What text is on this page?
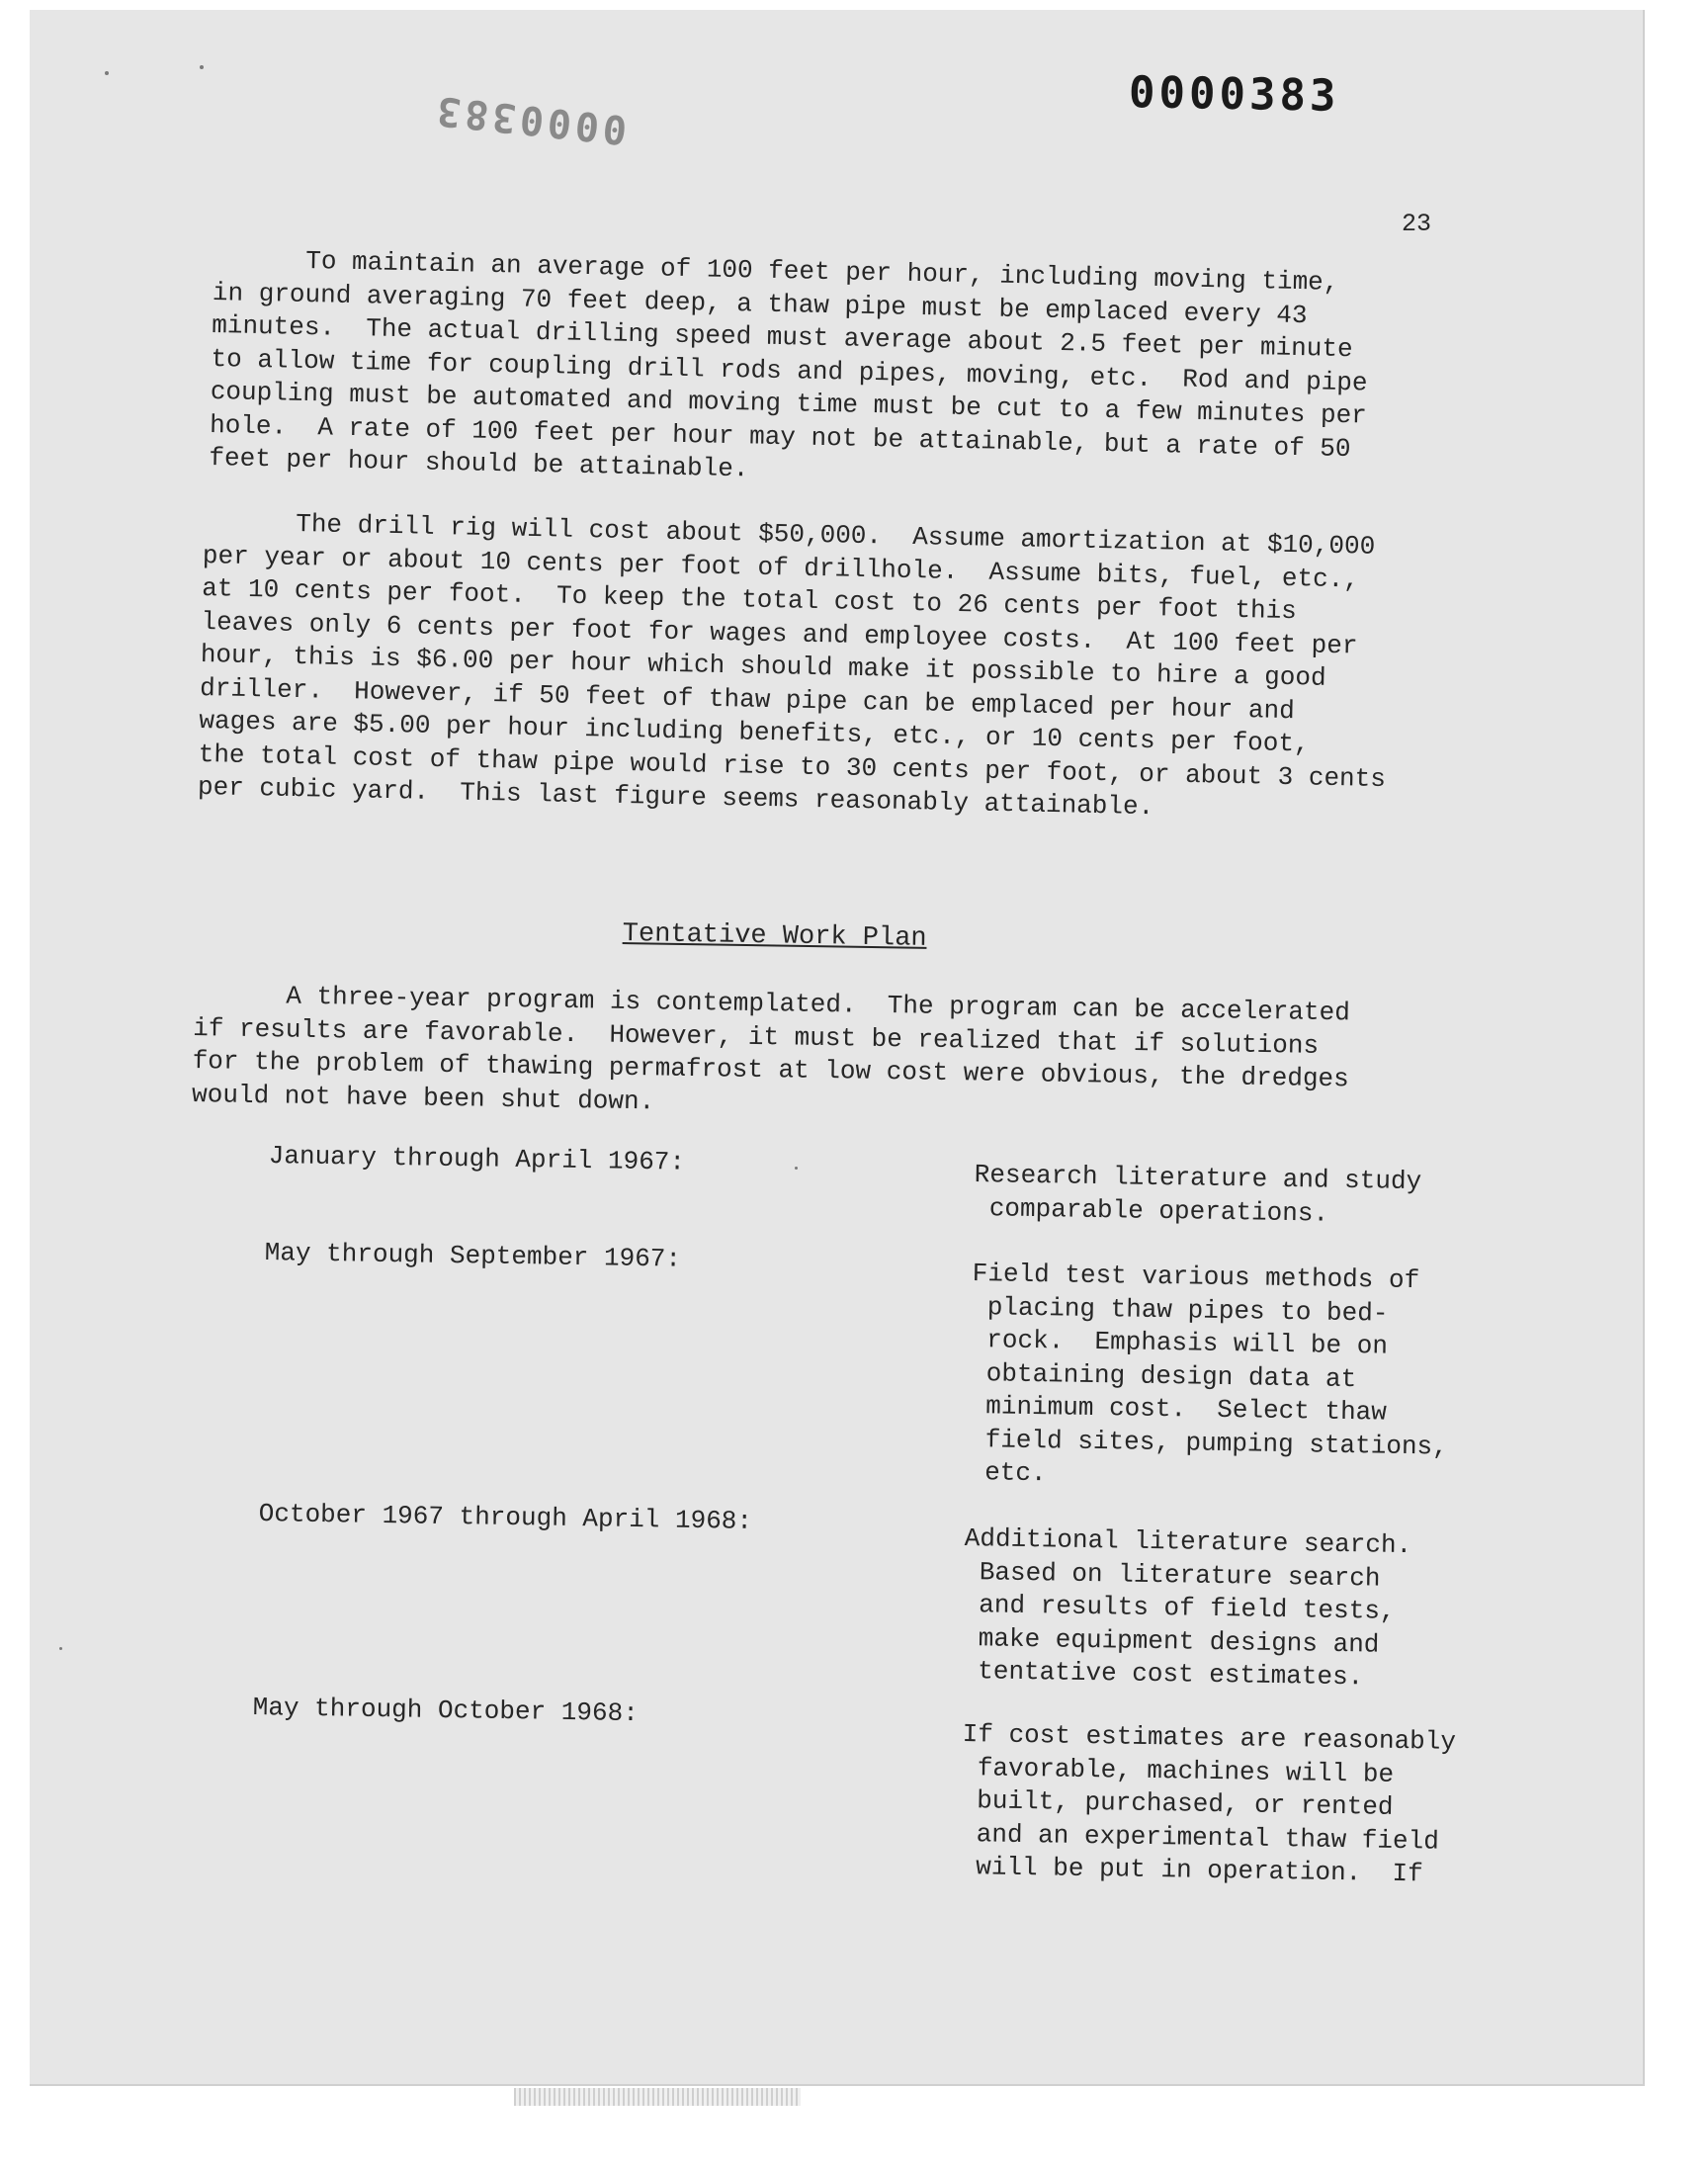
0000383	0000383
23

To maintain an average of 100 feet per hour, including moving time,
in ground averaging 70 feet deep, a thaw pipe must be emplaced every 43
minutes.  The actual drilling speed must average about 2.5 feet per minute
to allow time for coupling drill rods and pipes, moving, etc.  Rod and pipe
coupling must be automated and moving time must be cut to a few minutes per
hole.  A rate of 100 feet per hour may not be attainable, but a rate of 50
feet per hour should be attainable.

The drill rig will cost about $50,000.  Assume amortization at $10,000
per year or about 10 cents per foot of drillhole.  Assume bits, fuel, etc.,
at 10 cents per foot.  To keep the total cost to 26 cents per foot this
leaves only 6 cents per foot for wages and employee costs.  At 100 feet per
hour, this is $6.00 per hour which should make it possible to hire a good
driller.  However, if 50 feet of thaw pipe can be emplaced per hour and
wages are $5.00 per hour including benefits, etc., or 10 cents per foot,
the total cost of thaw pipe would rise to 30 cents per foot, or about 3 cents
per cubic yard.  This last figure seems reasonably attainable.

Tentative Work Plan

A three-year program is contemplated.  The program can be accelerated
if results are favorable.  However, it must be realized that if solutions
for the problem of thawing permafrost at low cost were obvious, the dredges
would not have been shut down.

January through April 1967:

Research literature and study
comparable operations.

May through September 1967:

Field test various methods of
placing thaw pipes to bed-
rock.  Emphasis will be on
obtaining design data at
minimum cost.  Select thaw
field sites, pumping stations,
etc.

October 1967 through April 1968:

Additional literature search.
Based on literature search
and results of field tests,
make equipment designs and
tentative cost estimates.

May through October 1968:

If cost estimates are reasonably
favorable, machines will be
built, purchased, or rented
and an experimental thaw field
will be put in operation.  If
